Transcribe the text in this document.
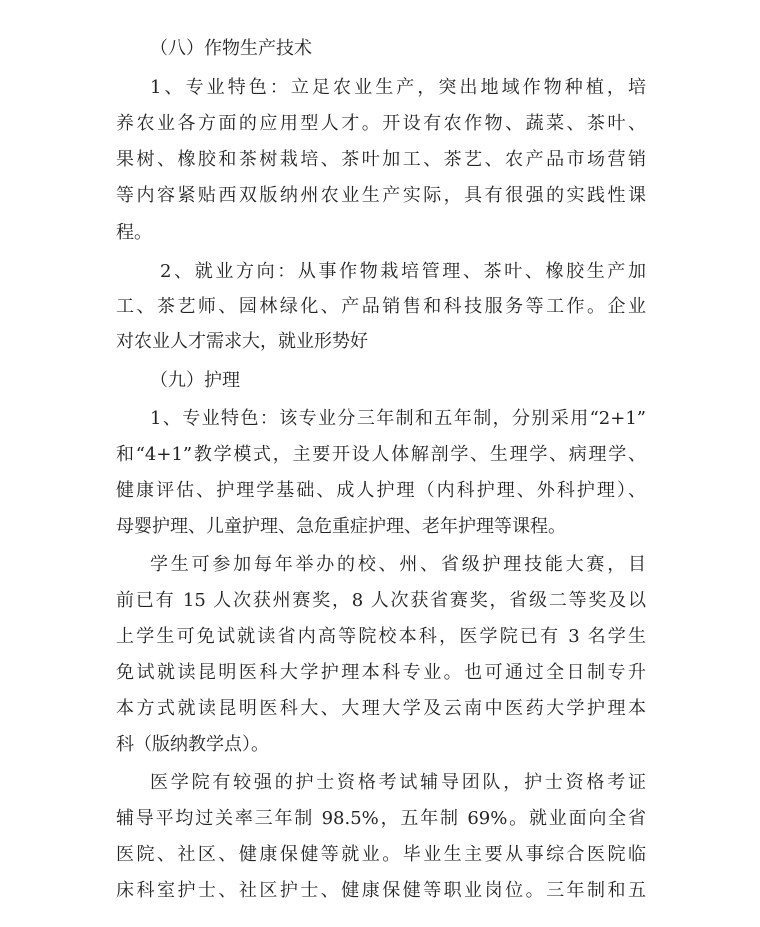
（八）作物生产技术
1、专业特色：立足农业生产，突出地域作物种植，培
养农业各方面的应用型人才。开设有农作物、蔬菜、茶叶、
果树、橡胶和茶树栽培、茶叶加工、茶艺、农产品市场营销
等内容紧贴西双版纳州农业生产实际，具有很强的实践性课
程。
2、就业方向：从事作物栽培管理、茶叶、橡胶生产加
工、茶艺师、园林绿化、产品销售和科技服务等工作。企业
对农业人才需求大，就业形势好
（九）护理
1、专业特色：该专业分三年制和五年制，分别采用“2+1”
和“4+1”教学模式，主要开设人体解剖学、生理学、病理学、
健康评估、护理学基础、成人护理（内科护理、外科护理）、
母婴护理、儿童护理、急危重症护理、老年护理等课程。
学生可参加每年举办的校、州、省级护理技能大赛，目
前已有 15 人次获州赛奖，8 人次获省赛奖，省级二等奖及以
上学生可免试就读省内高等院校本科，医学院已有 3 名学生
免试就读昆明医科大学护理本科专业。也可通过全日制专升
本方式就读昆明医科大、大理大学及云南中医药大学护理本
科（版纳教学点）。
医学院有较强的护士资格考试辅导团队，护士资格考证
辅导平均过关率三年制 98.5%，五年制 69%。就业面向全省
医院、社区、健康保健等就业。毕业生主要从事综合医院临
床科室护士、社区护士、健康保健等职业岗位。三年制和五
